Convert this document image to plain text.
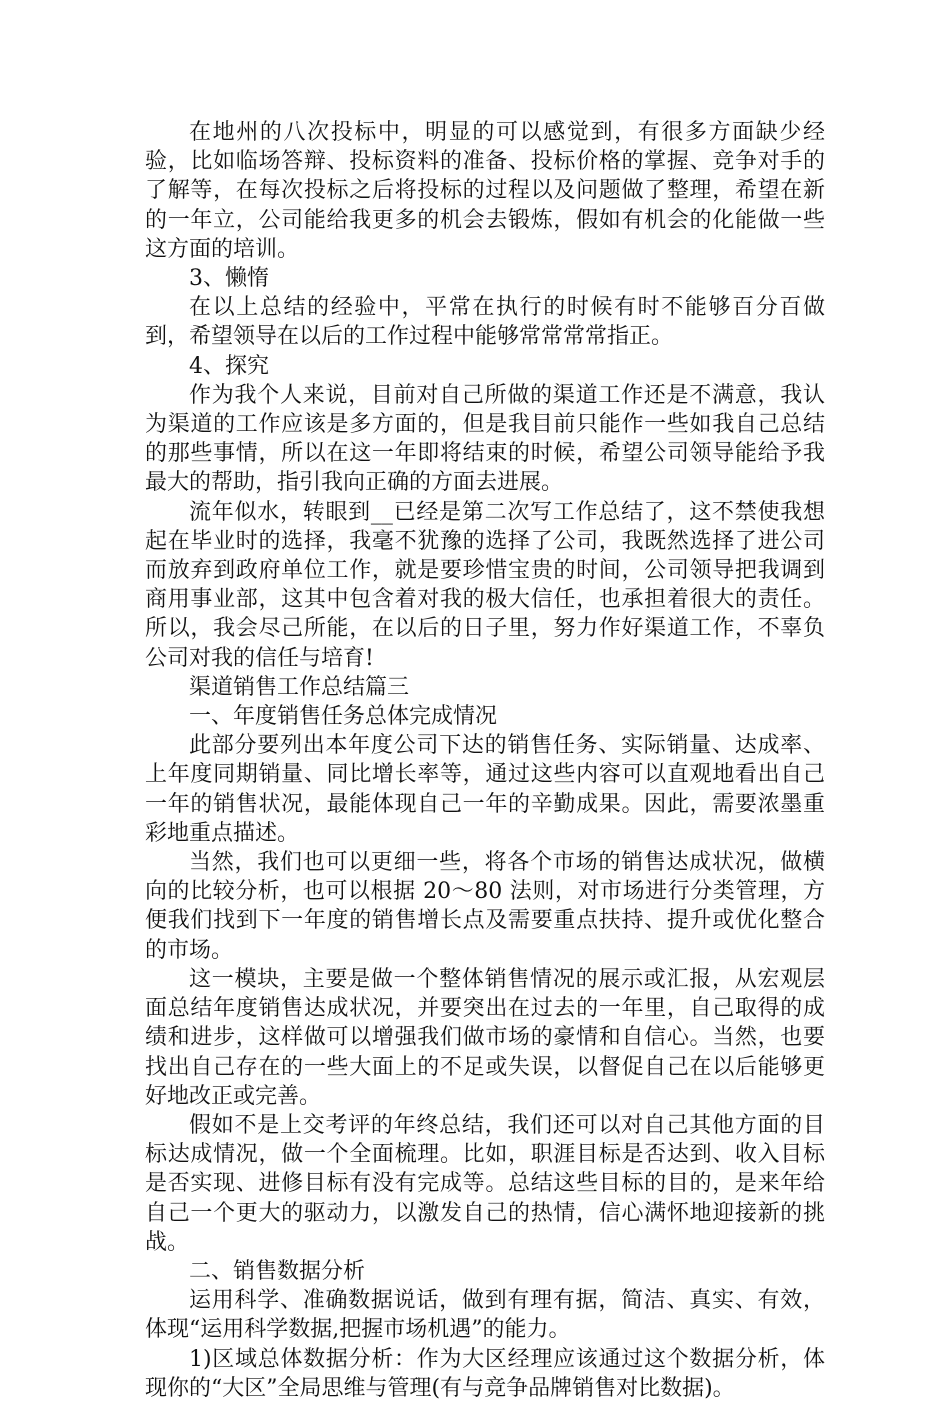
在地州的八次投标中，明显的可以感觉到，有很多方面缺少经验，比如临场答辩、投标资料的准备、投标价格的掌握、竞争对手的了解等，在每次投标之后将投标的过程以及问题做了整理，希望在新的一年立，公司能给我更多的机会去锻炼，假如有机会的化能做一些这方面的培训。

3、懒惰

在以上总结的经验中，平常在执行的时候有时不能够百分百做到，希望领导在以后的工作过程中能够常常常常指正。

4、探究

作为我个人来说，目前对自己所做的渠道工作还是不满意，我认为渠道的工作应该是多方面的，但是我目前只能作一些如我自己总结的那些事情，所以在这一年即将结束的时候，希望公司领导能给予我最大的帮助，指引我向正确的方面去进展。

流年似水，转眼到__已经是第二次写工作总结了，这不禁使我想起在毕业时的选择，我毫不犹豫的选择了公司，我既然选择了进公司而放弃到政府单位工作，就是要珍惜宝贵的时间，公司领导把我调到商用事业部，这其中包含着对我的极大信任，也承担着很大的责任。所以，我会尽己所能，在以后的日子里，努力作好渠道工作，不辜负公司对我的信任与培育!

渠道销售工作总结篇三

一、年度销售任务总体完成情况

此部分要列出本年度公司下达的销售任务、实际销量、达成率、上年度同期销量、同比增长率等，通过这些内容可以直观地看出自己一年的销售状况，最能体现自己一年的辛勤成果。因此，需要浓墨重彩地重点描述。

当然，我们也可以更细一些，将各个市场的销售达成状况，做横向的比较分析，也可以根据 20～80 法则，对市场进行分类管理，方便我们找到下一年度的销售增长点及需要重点扶持、提升或优化整合的市场。

这一模块，主要是做一个整体销售情况的展示或汇报，从宏观层面总结年度销售达成状况，并要突出在过去的一年里，自己取得的成绩和进步，这样做可以增强我们做市场的豪情和自信心。当然，也要找出自己存在的一些大面上的不足或失误，以督促自己在以后能够更好地改正或完善。

假如不是上交考评的年终总结，我们还可以对自己其他方面的目标达成情况，做一个全面梳理。比如，职涯目标是否达到、收入目标是否实现、进修目标有没有完成等。总结这些目标的目的，是来年给自己一个更大的驱动力，以激发自己的热情，信心满怀地迎接新的挑战。

二、销售数据分析

运用科学、准确数据说话，做到有理有据，简洁、真实、有效，体现“运用科学数据,把握市场机遇”的能力。

1)区域总体数据分析：作为大区经理应该通过这个数据分析，体现你的“大区”全局思维与管理(有与竞争品牌销售对比数据)。
